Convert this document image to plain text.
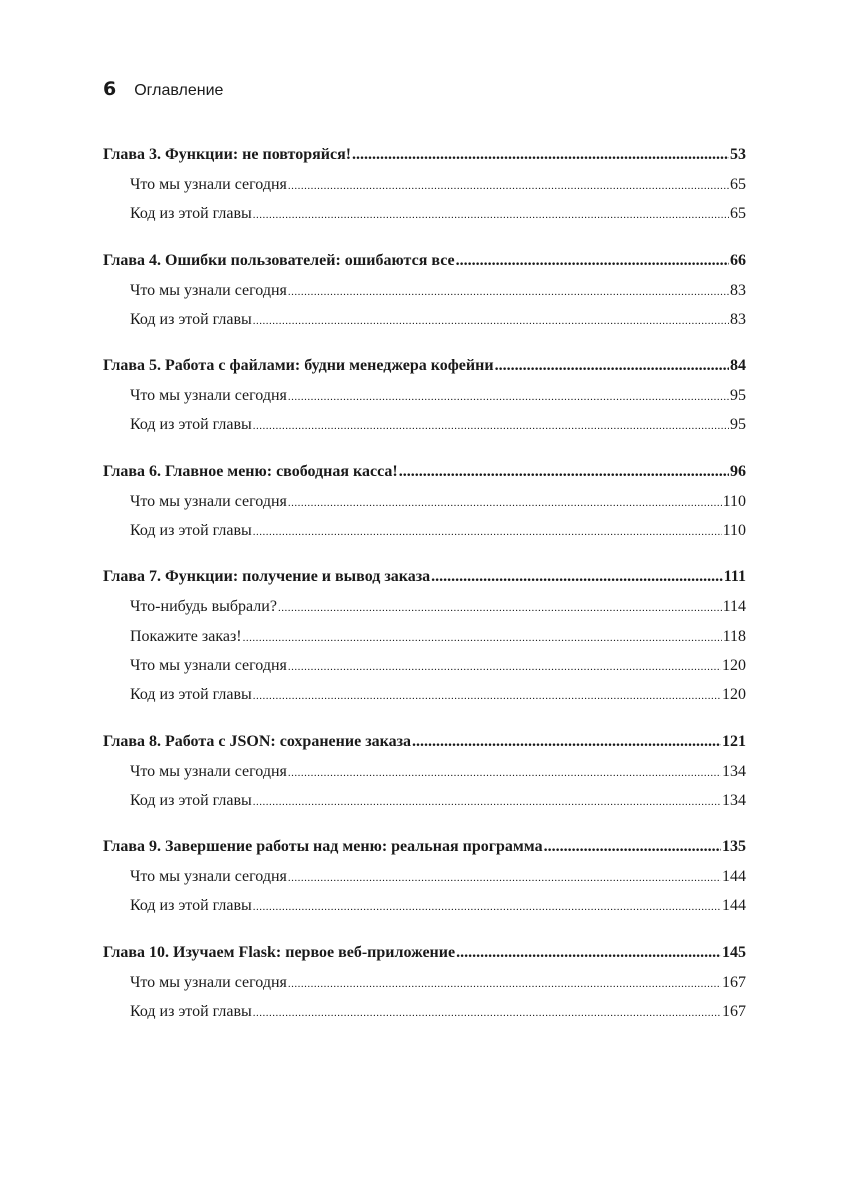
6 Оглавление
Глава 3. Функции: не повторяйся! .....	53
Что мы узнали сегодня .....	65
Код из этой главы .....	65
Глава 4. Ошибки пользователей: ошибаются все .....	66
Что мы узнали сегодня .....	83
Код из этой главы .....	83
Глава 5. Работа с файлами: будни менеджера кофейни .....	84
Что мы узнали сегодня .....	95
Код из этой главы .....	95
Глава 6. Главное меню: свободная касса! .....	96
Что мы узнали сегодня .....	110
Код из этой главы .....	110
Глава 7. Функции: получение и вывод заказа .....	111
Что-нибудь выбрали? .....	114
Покажите заказ! .....	118
Что мы узнали сегодня .....	120
Код из этой главы .....	120
Глава 8. Работа с JSON: сохранение заказа .....	121
Что мы узнали сегодня .....	134
Код из этой главы .....	134
Глава 9. Завершение работы над меню: реальная программа .....	135
Что мы узнали сегодня .....	144
Код из этой главы .....	144
Глава 10. Изучаем Flask: первое веб-приложение .....	145
Что мы узнали сегодня .....	167
Код из этой главы .....	167
